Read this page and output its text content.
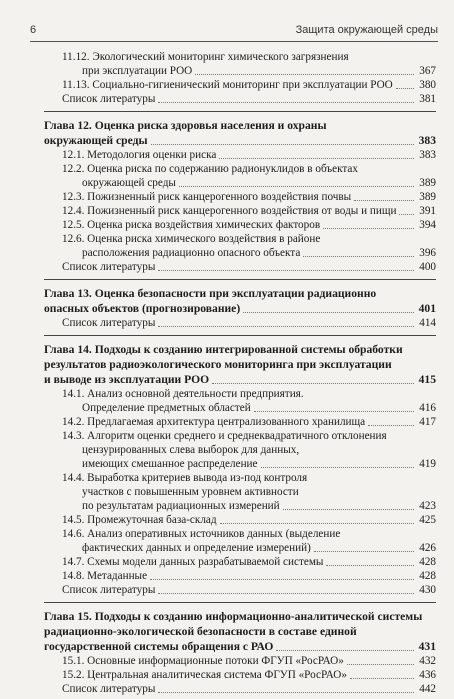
6	Защита окружающей среды
11.12. Экологический мониторинг химического загрязнения
при эксплуатации РОО	367
11.13. Социально-гигиенический мониторинг при эксплуатации РОО 380
Список литературы	381
Глава 12. Оценка риска здоровья населения и охраны
окружающей среды	383
12.1. Методология оценки риска	383
12.2. Оценка риска по содержанию радионуклидов в объектах
окружающей среды	389
12.3. Пожизненный риск канцерогенного воздействия почвы	389
12.4. Пожизненный риск канцерогенного воздействия от воды и пищи 391
12.5. Оценка риска воздействия химических факторов	394
12.6. Оценка риска химического воздействия в районе
расположения радиационно опасного объекта	396
Список литературы	400
Глава 13. Оценка безопасности при эксплуатации радиационно
опасных объектов (прогнозирование)	401
Список литературы	414
Глава 14. Подходы к созданию интегрированной системы обработки
результатов радиоэкологического мониторинга при эксплуатации
и выводе из эксплуатации РОО	415
14.1. Анализ основной деятельности предприятия.
Определение предметных областей	416
14.2. Предлагаемая архитектура централизованного хранилища	417
14.3. Алгоритм оценки среднего и среднеквадратичного отклонения
цензурированных слева выборок для данных,
имеющих смешанное распределение	419
14.4. Выработка критериев вывода из-под контроля
участков с повышенным уровнем активности
по результатам радиационных измерений	423
14.5. Промежуточная база-склад	425
14.6. Анализ оперативных источников данных (выделение
фактических данных и определение измерений)	426
14.7. Схемы модели данных разрабатываемой системы	428
14.8. Метаданные	428
Список литературы	430
Глава 15. Подходы к созданию информационно-аналитической системы
радиационно-экологической безопасности в составе единой
государственной системы обращения с РАО	431
15.1. Основные информационные потоки ФГУП «РосРАО»	432
15.2. Центральная аналитическая система ФГУП «РосРАО»	436
Список литературы	442
